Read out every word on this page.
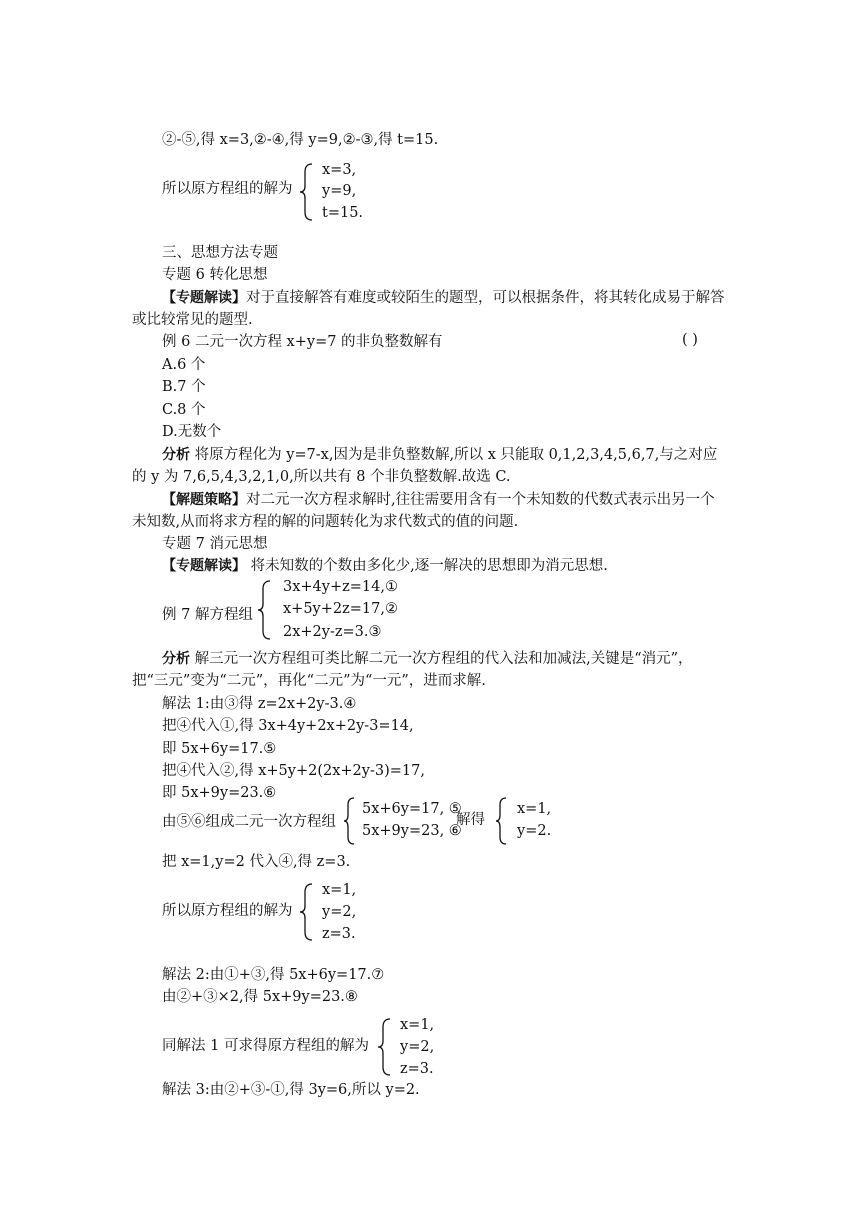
②-⑤,得 x=3,②-④,得 y=9,②-③,得 t=15.
所以原方程组的解为
x=3,
y=9,
t=15.
三、思想方法专题
专题 6 转化思想
【专题解读】对于直接解答有难度或较陌生的题型，可以根据条件，将其转化成易于解答或比较常见的题型.
例 6 二元一次方程 x+y=7 的非负整数解有	( )
A.6 个
B.7 个
C.8 个
D.无数个
分析 将原方程化为 y=7-x,因为是非负整数解,所以 x 只能取 0,1,2,3,4,5,6,7,与之对应的 y 为 7,6,5,4,3,2,1,0,所以共有 8 个非负整数解.故选 C.
【解题策略】对二元一次方程求解时,往往需要用含有一个未知数的代数式表示出另一个未知数,从而将求方程的解的问题转化为求代数式的值的问题.
专题 7 消元思想
【专题解读】 将未知数的个数由多化少,逐一解决的思想即为消元思想.
例 7 解方程组
3x+4y+z=14,①
x+5y+2z=17,②
2x+2y-z=3.③
分析 解三元一次方程组可类比解二元一次方程组的代入法和加减法,关键是“消元”，把“三元”变为“二元”，再化“二元”为“一元”，进而求解.
解法 1:由③得 z=2x+2y-3.④
把④代入①,得 3x+4y+2x+2y-3=14,
即 5x+6y=17.⑤
把④代入②,得 x+5y+2(2x+2y-3)=17,
即 5x+9y=23.⑥
由⑤⑥组成二元一次方程组
5x+6y=17, ⑤
5x+9y=23, ⑥
解得
x=1,
y=2.
把 x=1,y=2 代入④,得 z=3.
所以原方程组的解为
x=1,
y=2,
z=3.
解法 2:由①+③,得 5x+6y=17.⑦
由②+③×2,得 5x+9y=23.⑧
同解法 1 可求得原方程组的解为
x=1,
y=2,
z=3.
解法 3:由②+③-①,得 3y=6,所以 y=2.
